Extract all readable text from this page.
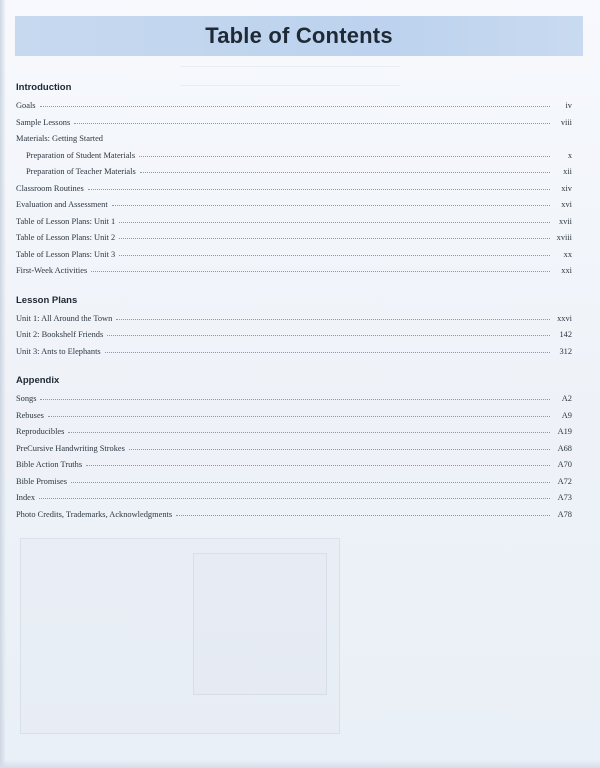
Table of Contents
Introduction
Goals	iv
Sample Lessons	viii
Materials: Getting Started
Preparation of Student Materials	x
Preparation of Teacher Materials	xii
Classroom Routines	xiv
Evaluation and Assessment	xvi
Table of Lesson Plans: Unit 1	xvii
Table of Lesson Plans: Unit 2	xviii
Table of Lesson Plans: Unit 3	xx
First-Week Activities	xxi
Lesson Plans
Unit 1: All Around the Town	xxvi
Unit 2: Bookshelf Friends	142
Unit 3: Ants to Elephants	312
Appendix
Songs	A2
Rebuses	A9
Reproducibles	A19
PreCursive Handwriting Strokes	A68
Bible Action Truths	A70
Bible Promises	A72
Index	A73
Photo Credits, Trademarks, Acknowledgments	A78
